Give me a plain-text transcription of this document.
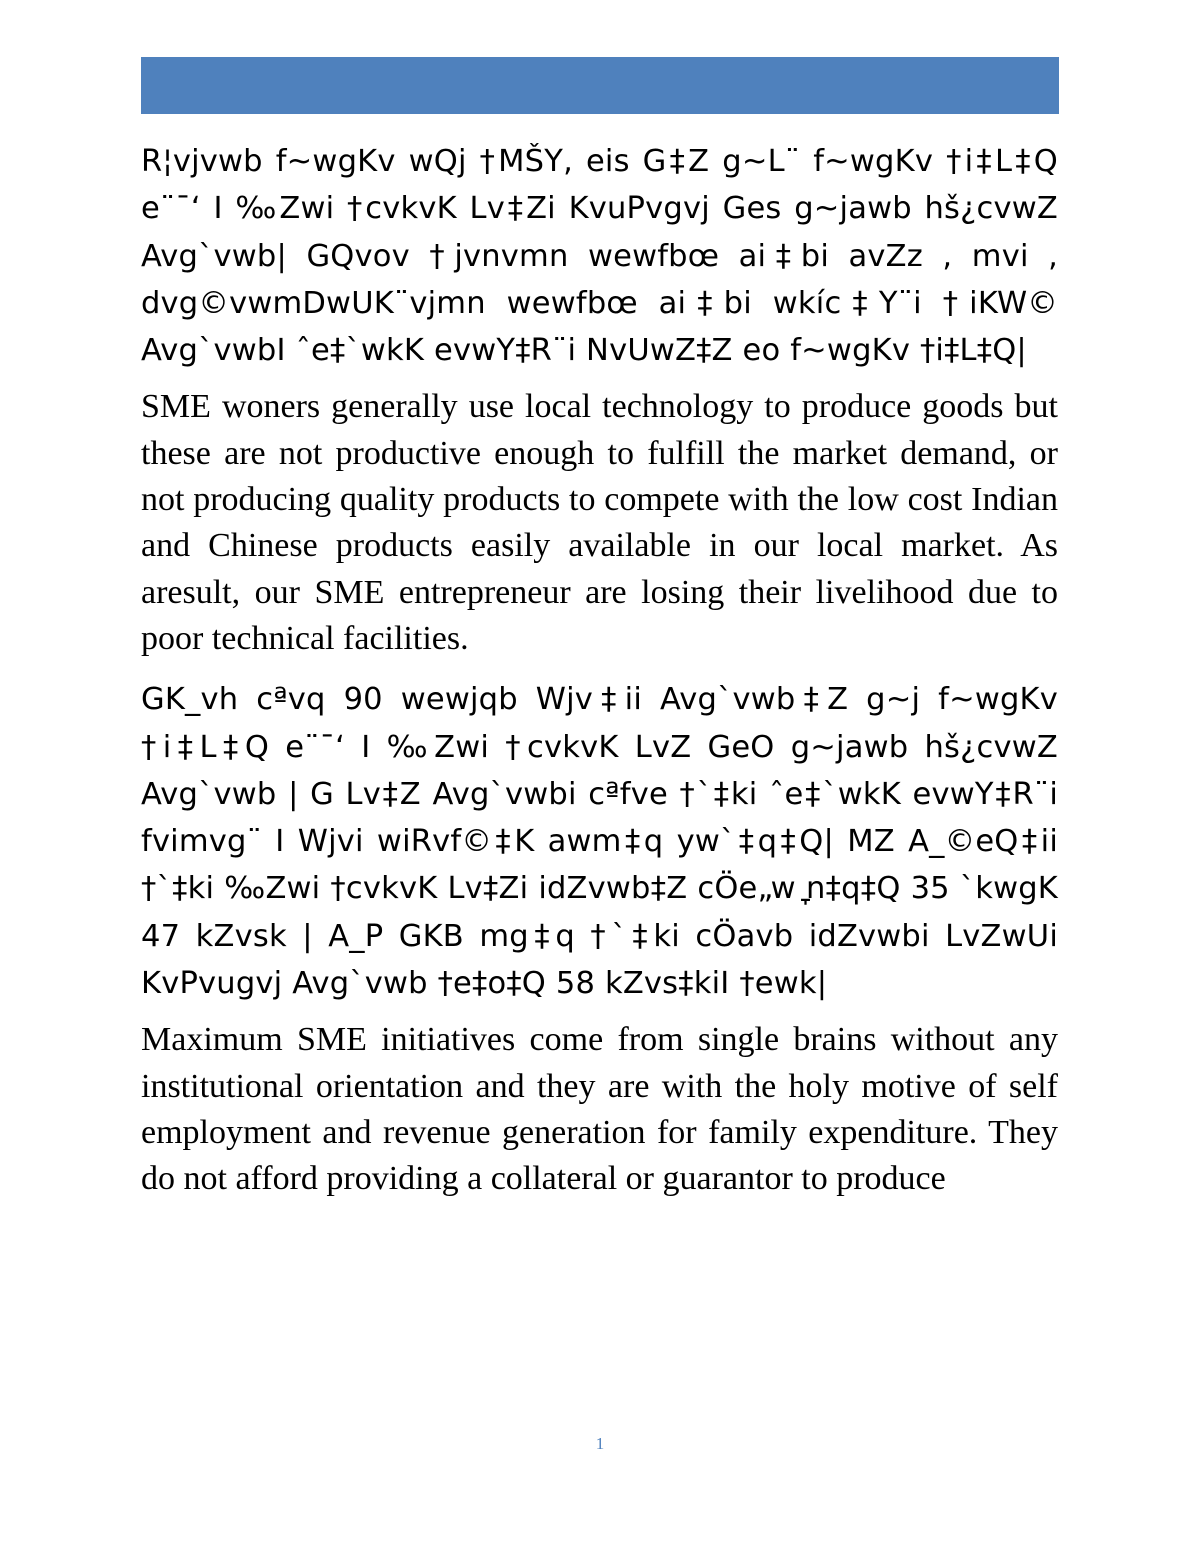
R¦vjvwb f~wgKv wQj †MŠY, eis G‡Z g~L¨ f~wgKv †i‡L‡Q e¨¯‘ I ‰Zwi †cvkvK Lv‡Zi KvuPvgvj Ges g~jawb hš¿cvwZ Avg`vwb| GQvov †jvnvmn wewfbœ ai‡bi avZz , mvi , dvg©vwmDwUK¨vjmn wewfbœ ai‡bi wkíc‡Y¨i †iKW© Avg`vwbI ˆe‡`wkK evwY‡R¨i NvUwZ‡Z eo f~wgKv †i‡L‡Q|

SME woners generally use local technology to produce goods but these are not productive enough to fulfill the market demand, or not producing quality products to compete with the low cost Indian and Chinese products easily available in our local market. As aresult, our SME entrepreneur are losing their livelihood due to poor technical facilities.

GK_vh cªvq 90 wewjqb Wjv‡ii Avg`vwb‡Z g~j f~wgKv †i‡L‡Q e¨¯‘ I ‰Zwi †cvkvK LvZ GeO g~jawb hš¿cvwZ Avg`vwb | G Lv‡Z Avg`vwbi cªfve †`‡ki ˆe‡`wkK evwY‡R¨i fvimvg¨ I Wjvi wiRvf©‡K awm‡q yw`‡q‡Q| MZ A_©eQ‡ii †`‡ki ‰Zwi †cvkvK Lv‡Zi idZvwb‡Z cÖe„wׇ n‡q‡Q 35 `kwgK 47 kZvsk | A_P GKB mg‡q †`‡ki cÖavb idZvwbi LvZwUi KvPvugvj Avg`vwb †e‡o‡Q 58 kZvs‡kiI †ewk|

Maximum SME initiatives come from single brains without any institutional orientation and they are with the holy motive of self employment and revenue generation for family expenditure. They do not afford providing a collateral or guarantor to produce

1
